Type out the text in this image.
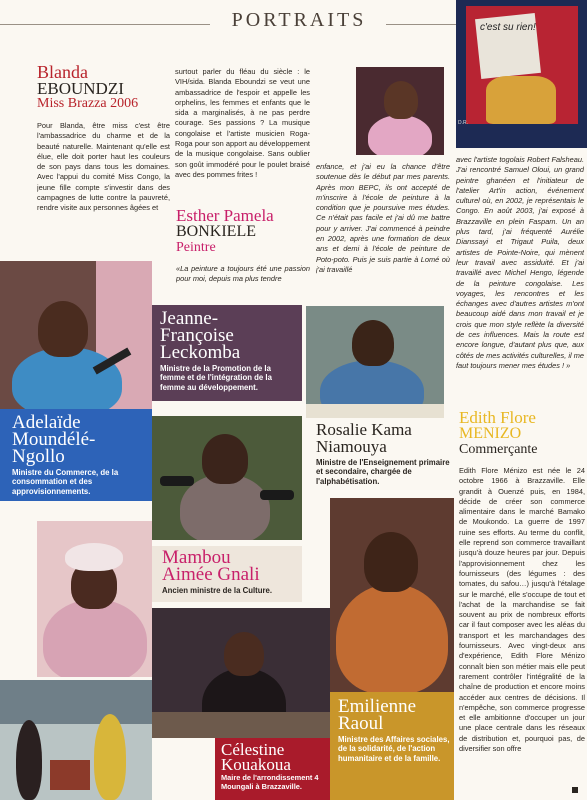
PORTRAITS	c'est su rien!
D.R.
Blanda
EBOUNDZI
Miss Brazza 2006
Pour Blanda, être miss c'est être l'ambassadrice du charme et de la beauté naturelle. Maintenant qu'elle est élue, elle doit porter haut les couleurs de son pays dans tous les domaines. Avec l'appui du comité Miss Congo, la jeune fille compte s'investir dans des campagnes de lutte contre la pauvreté, rendre visite aux personnes âgées et
surtout parler du fléau du siècle : le VIH/sida. Blanda Eboundzi se veut une ambassadrice de l'espoir et appelle les orphelins, les femmes et enfants que le sida a marginalisés, à ne pas perdre courage. Ses passions ? La musique congolaise et l'artiste musicien Roga-Roga pour son apport au développement de la musique congolaise. Sans oublier son goût immodéré pour le poulet braisé avec des pommes frites !
Esther Pamela
BONKIELE
Peintre
«La peinture a toujours été une passion pour moi, depuis ma plus tendre
enfance, et j'ai eu la chance d'être soutenue dès le début par mes parents. Après mon BEPC, ils ont accepté de m'inscrire à l'école de peinture à la condition que je poursuive mes études. Ce n'était pas facile et j'ai dû me battre pour y arriver. J'ai commencé à peindre en 2002, après une formation de deux ans et demi à l'école de peinture de Poto-poto. Puis je suis partie à Lomé où j'ai travaillé
avec l'artiste togolais Robert Falsheau. J'ai rencontré Samuel Oloui, un grand peintre ghanéen et l'initiateur de l'atelier Art'in action, événement culturel où, en 2002, je représentais le Congo. En août 2003, j'ai exposé à Brazzaville en plein Faspam. Un an plus tard, j'ai fréquenté Aurélie Dianssayi et Trigaut Puila, deux artistes de Pointe-Noire, qui mènent leur travail avec assiduité. Et j'ai travaillé avec Michel Hengo, légende de la peinture congolaise. Les voyages, les rencontres et les échanges avec d'autres artistes m'ont beaucoup aidé dans mon travail et je crois que mon style reflète la diversité de ces influences. Mais la route est encore longue, d'autant plus que, aux côtés de mes activités culturelles, il me faut toujours mener mes études ! »
Adelaïde
Moundélé-
Ngollo
Ministre du Commerce, de la consommation et des approvisionnements.
Jeanne-
Françoise
Leckomba
Ministre de la Promotion de la femme et de l'intégration de la femme au développement.
Rosalie Kama
Niamouya
Ministre de l'Enseignement primaire et secondaire, chargée de l'alphabétisation.
Edith Flore
MENIZO
Commerçante
Edith Flore Ménizo est née le 24 octobre 1966 à Brazzaville. Elle grandit à Ouenzé puis, en 1984, décide de créer son commerce alimentaire dans le marché Bamako de Moukondo. La guerre de 1997 ruine ses efforts. Au terme du conflit, elle reprend son commerce travaillant jusqu'à douze heures par jour. Depuis l'approvisionnement chez les fournisseurs (des légumes : des tomates, du safou…) jusqu'à l'étalage sur le marché, elle s'occupe de tout et l'achat de la marchandise se fait souvent au prix de nombreux efforts car il faut composer avec les aléas du transport et les marchandages des fournisseurs. Avec vingt-deux ans d'expérience, Edith Flore Ménizo connaît bien son métier mais elle peut rarement contrôler l'intégralité de la chaîne de production et encore moins accéder aux centres de décisions. Il n'empêche, son commerce progresse et elle ambitionne d'occuper un jour une place centrale dans les réseaux de distribution et, pourquoi pas, de diversifier son offre
Mambou
Aimée Gnali
Ancien ministre de la Culture.
Emilienne
Raoul
Ministre des Affaires sociales, de la solidarité, de l'action humanitaire et de la famille.
Célestine
Kouakoua
Maire de l'arrondissement 4 Moungali à Brazzaville.
